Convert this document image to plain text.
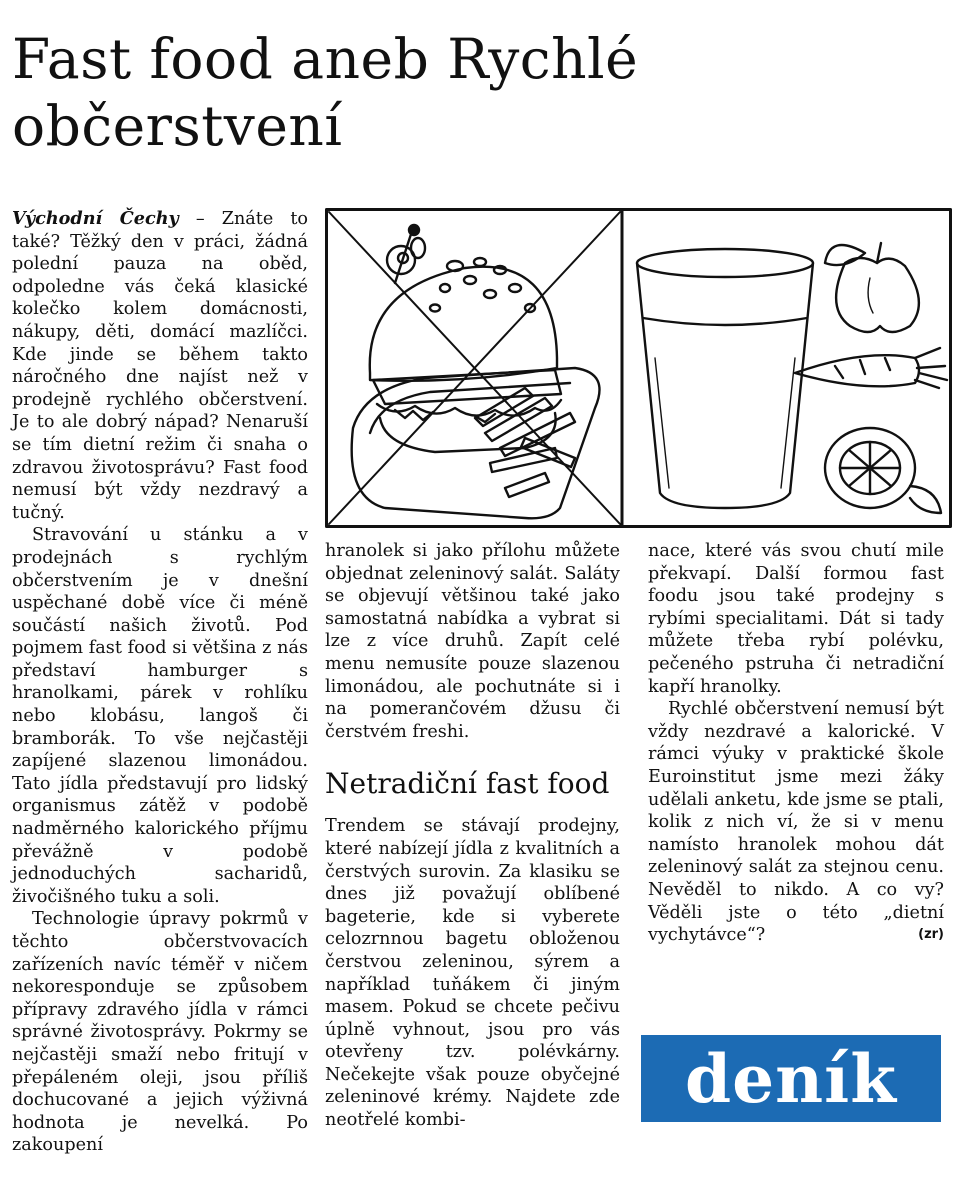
Fast food aneb Rychlé občerstvení

Východní Čechy – Znáte to také? Těžký den v práci, žádná polední pauza na oběd, odpoledne vás čeká klasické kolečko kolem domácnosti, nákupy, děti, domácí mazlíčci. Kde jinde se během takto náročného dne najíst než v prodejně rychlého občerstvení. Je to ale dobrý nápad? Nenaruší se tím dietní režim či snaha o zdravou životosprávu? Fast food nemusí být vždy nezdravý a tučný.

Stravování u stánku a v prodejnách s rychlým občerstvením je v dnešní uspěchané době více či méně součástí našich životů. Pod pojmem fast food si většina z nás představí hamburger s hranolkami, párek v rohlíku nebo klobásu, langoš či bramborák. To vše nejčastěji zapíjené slazenou limonádou. Tato jídla představují pro lidský organismus zátěž v podobě nadměrného kalorického příjmu převážně v podobě jednoduchých sacharidů, živočišného tuku a soli.

Technologie úpravy pokrmů v těchto občerstvovacích zařízeních navíc téměř v ničem nekoresponduje se způsobem přípravy zdravého jídla v rámci správné životosprávy. Pokrmy se nejčastěji smaží nebo fritují v přepáleném oleji, jsou příliš dochucované a jejich výživná hodnota je nevelká. Po zakoupení

hranolek si jako přílohu můžete objednat zeleninový salát. Saláty se objevují většinou také jako samostatná nabídka a vybrat si lze z více druhů. Zapít celé menu nemusíte pouze slazenou limonádou, ale pochutnáte si i na pomerančovém džusu či čerstvém freshi.

Netradiční fast food

Trendem se stávají prodejny, které nabízejí jídla z kvalitních a čerstvých surovin. Za klasiku se dnes již považují oblíbené bageterie, kde si vyberete celozrnnou bagetu obloženou čerstvou zeleninou, sýrem a například tuňákem či jiným masem. Pokud se chcete pečivu úplně vyhnout, jsou pro vás otevřeny tzv. polévkárny. Nečekejte však pouze obyčejné zeleninové krémy. Najdete zde neotřelé kombi-

nace, které vás svou chutí mile překvapí. Další formou fast foodu jsou také prodejny s rybími specialitami. Dát si tady můžete třeba rybí polévku, pečeného pstruha či netradiční kapří hranolky.

Rychlé občerstvení nemusí být vždy nezdravé a kalorické. V rámci výuky v praktické škole Euroinstitut jsme mezi žáky udělali anketu, kde jsme se ptali, kolik z nich ví, že si v menu namísto hranolek mohou dát zeleninový salát za stejnou cenu. Nevěděl to nikdo. A co vy? Věděli jste o této „dietní vychytávce“?	(zr)

deník
